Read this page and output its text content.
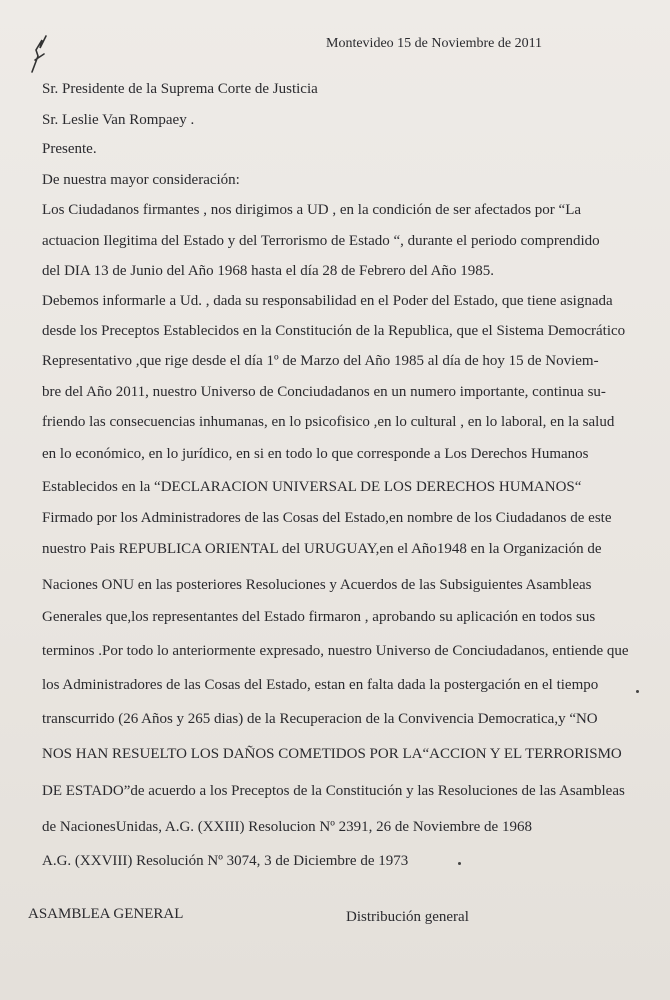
Montevideo 15 de Noviembre de 2011
Sr. Presidente de la Suprema Corte de Justicia
Sr. Leslie Van Rompaey .
Presente.
De nuestra mayor consideración:
Los Ciudadanos firmantes , nos dirigimos a UD , en la condición de ser afectados por “La
actuacion Ilegitima del Estado y del Terrorismo de Estado “, durante el periodo comprendido
del DIA 13 de Junio del Año 1968 hasta el día 28 de Febrero del Año 1985.
Debemos informarle a Ud. , dada su responsabilidad en el Poder del Estado, que tiene asignada
desde los Preceptos Establecidos en la Constitución de la Republica, que el Sistema Democrático
Representativo ,que rige desde el día 1º de Marzo del Año 1985 al día de hoy 15 de Noviem-
bre del Año 2011, nuestro Universo de Conciudadanos en un numero importante, continua su-
friendo las consecuencias inhumanas, en lo psicofisico ,en lo cultural , en lo laboral, en la salud
en lo económico, en lo jurídico, en si en todo lo que corresponde a Los Derechos Humanos
Establecidos en la “DECLARACION UNIVERSAL DE LOS DERECHOS HUMANOS“
Firmado por los Administradores de las Cosas del Estado,en nombre de los Ciudadanos de este
nuestro Pais REPUBLICA ORIENTAL del URUGUAY,en el Año1948 en la Organización de
Naciones ONU en las posteriores Resoluciones y Acuerdos de las Subsiguientes Asambleas
Generales que,los representantes del Estado firmaron , aprobando su aplicación en todos sus
terminos .Por todo lo anteriormente expresado, nuestro Universo de Conciudadanos, entiende que
los Administradores de las Cosas del Estado, estan en falta dada la postergación en el tiempo
transcurrido (26 Años y 265 dias) de la Recuperacion de la Convivencia Democratica,y “NO
NOS HAN RESUELTO LOS DAÑOS COMETIDOS POR LA“ACCION Y EL TERRORISMO
DE ESTADO”de acuerdo a los Preceptos de la Constitución y las Resoluciones de las Asambleas
de NacionesUnidas, A.G. (XXIII) Resolucion Nº 2391, 26 de Noviembre de 1968
A.G. (XXVIII) Resolución Nº 3074, 3 de Diciembre de 1973
ASAMBLEA GENERAL	Distribución general
